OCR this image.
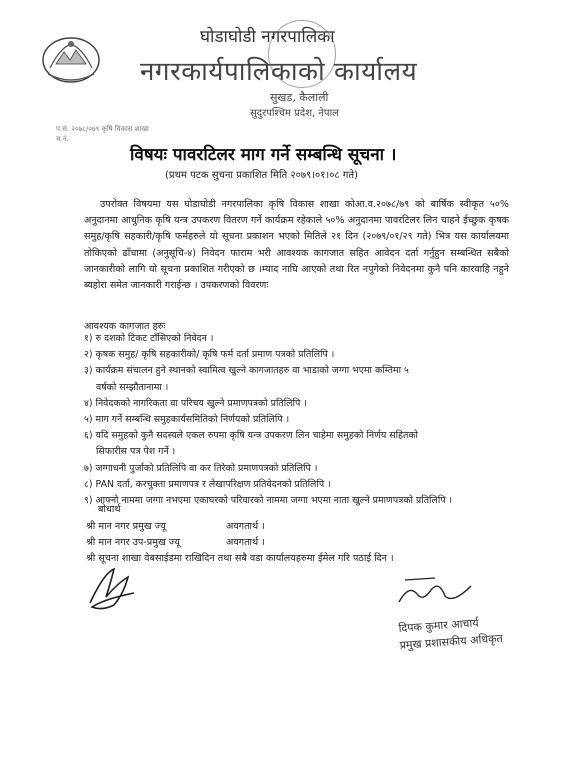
घोडाघोडी नगरपालिका
नगरकार्यपालिकाको कार्यालय
सुखड, कैलाली
सुदुरपश्चिम प्रदेश, नेपाल
प.सं. २०७८/०७९ कृषि विकास शाखा
च.नं.
विषयः पावरटिलर माग गर्ने सम्बन्धि सूचना ।
(प्रथम पटक सुचना प्रकाशित मिति २०७९।०१।०८ गते)
उपरोक्त विषयमा यस घोडाघोडी नगरपालिका कृषि विकास शाखा कोआ.व.२०७८/७९ को बार्षिक स्वीकृत ५०% अनुदानमा आधुनिक कृषि यन्त्र उपकरण वितरण गर्ने कार्यक्रम रहेकाले ५०% अनुदानमा पावरटिलर लिन चाहने ईच्छुक कृषक समुह/कृषि सहकारी/कृषि फर्महरुले यो सूचना प्रकाशन भएको मितिले २१ दिन (२०७९/०१/२९ गते) भित्र यस कार्यालयमा तोकिएको ढाँचामा (अनुसूचि-४) निवेदन फाराम भरी आवश्यक कागजात सहित आवेदन दर्ता गर्नुहुन सम्बन्धित सबैको जानकारीको लागि यो सूचना प्रकाशित गरीएको छ ।म्याद नाघि आएको तथा रित नपुगेको निवेदनमा कुनै पनि कारवाहि नहुने ब्यहोरा समेत जानकारी गराईन्छ । उपकरणको विवरणः
आवश्यक कागजात हरुः
१) रु दशको टिकट टाँसिएको निवेदन ।
२) कृषक समुह/ कृषि सहकारीको/ कृषि फर्म दर्ता प्रमाण पत्रको प्रतिलिपि ।
३) कार्यक्रम संचालन हुने स्थानको स्वामित्व खुल्ने कागजातहरु वा भाडाको जग्गा भएमा कम्तिमा ५
वर्षको सम्झौतानामा ।
४) निवेदकको नागरिकता वा परिचय खुल्ने प्रमाणपत्रको प्रतिलिपि ।
५) माग गर्ने सम्बन्धि समुहकार्यसमितिको निर्णयको प्रतिलिपि ।
६) यदि समुहको कुनै सदस्यले एकल रुपमा कृषि यन्त्र उपकरण लिन चाहेमा समुहको निर्णय सहितको
सिफारीस पत्र पेश गर्ने ।
७) जग्गाधनी पुर्जाको प्रतिलिपि वा कर तिरेको प्रमाणपत्रको प्रतिलिपि ।
८) PAN दर्ता, करचुक्ता प्रमाणपत्र र लेखापरिक्षण प्रतिवेदनको प्रतिलिपि ।
९) आफ्नो नाममा जग्गा नभएमा एकाघरको परिवारको नाममा जग्गा भएमा नाता खुल्ने प्रमाणपत्रको प्रतिलिपि ।
बोधार्थ
श्री मान नगर प्रमुख ज्यू	अवगतार्थ ।
श्री मान नगर उप-प्रमुख ज्यू	अवगतार्थ ।
श्री सूचना शाखा वेबसाईडमा राखिदिन तथा सबै वडा कार्यालयहरुमा ईमेल गरि पठाई दिन ।
दिपक कुमार आचार्य
प्रमुख प्रशासकीय अधिकृत
